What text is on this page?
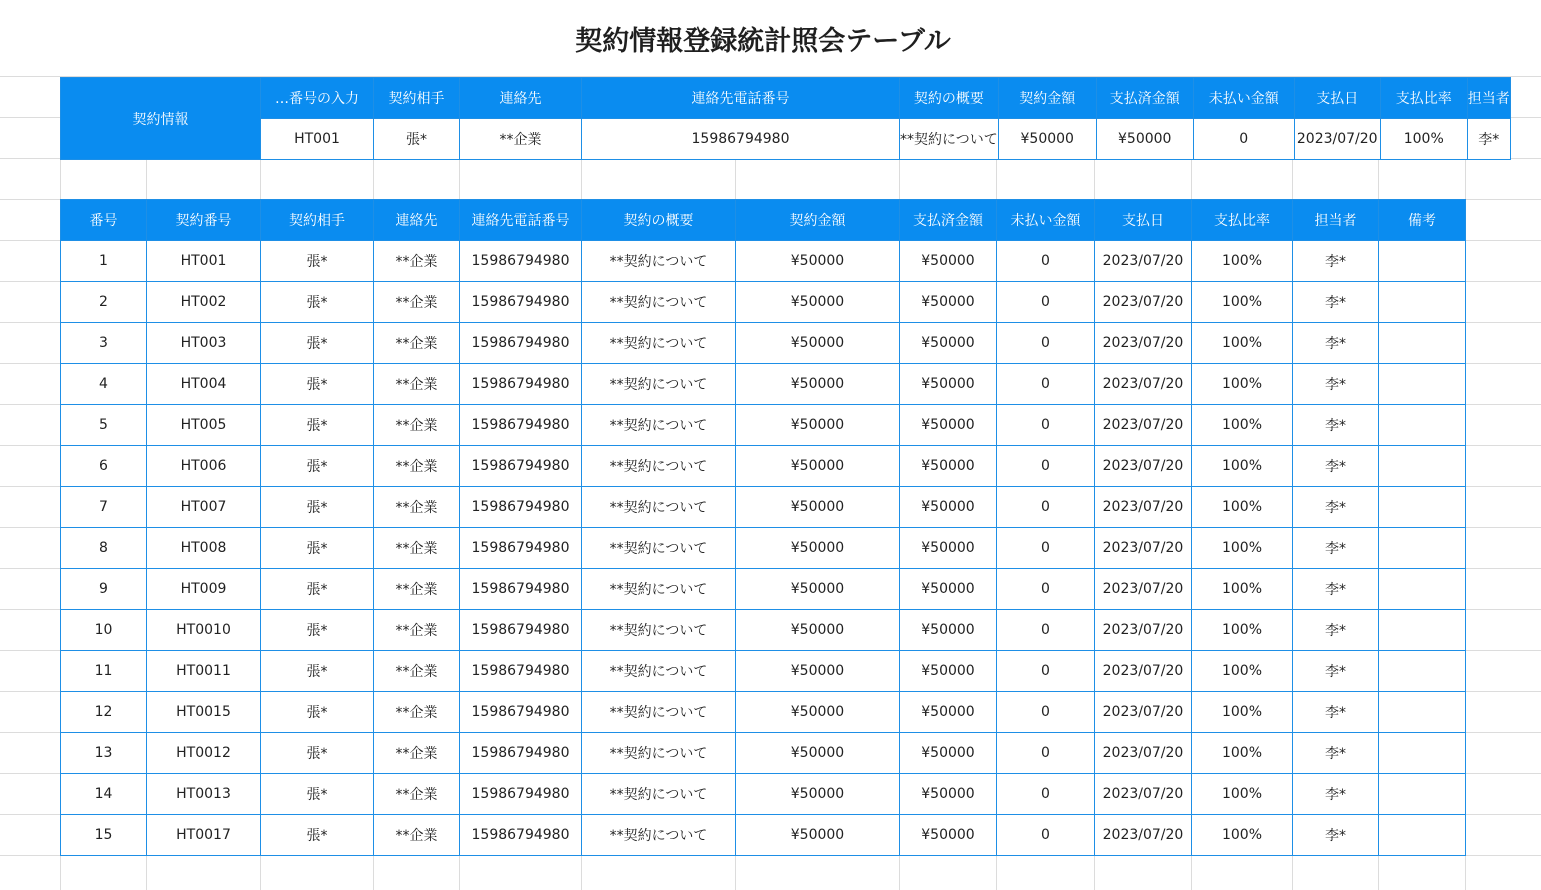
契約情報登録統計照会テーブル
契約情報	…番号の入力	契約相手	連絡先	連絡先電話番号	契約の概要	契約金額	支払済金額	未払い金額	支払日	支払比率	担当者
	HT001	張*	**企業	15986794980	**契約について	¥50000	¥50000	0	2023/07/20	100%	李*
番号	契約番号	契約相手	連絡先	連絡先電話番号	契約の概要	契約金額	支払済金額	未払い金額	支払日	支払比率	担当者	備考
1	HT001	張*	**企業	15986794980	**契約について	¥50000	¥50000	0	2023/07/20	100%	李*	
2	HT002	張*	**企業	15986794980	**契約について	¥50000	¥50000	0	2023/07/20	100%	李*	
3	HT003	張*	**企業	15986794980	**契約について	¥50000	¥50000	0	2023/07/20	100%	李*	
4	HT004	張*	**企業	15986794980	**契約について	¥50000	¥50000	0	2023/07/20	100%	李*	
5	HT005	張*	**企業	15986794980	**契約について	¥50000	¥50000	0	2023/07/20	100%	李*	
6	HT006	張*	**企業	15986794980	**契約について	¥50000	¥50000	0	2023/07/20	100%	李*	
7	HT007	張*	**企業	15986794980	**契約について	¥50000	¥50000	0	2023/07/20	100%	李*	
8	HT008	張*	**企業	15986794980	**契約について	¥50000	¥50000	0	2023/07/20	100%	李*	
9	HT009	張*	**企業	15986794980	**契約について	¥50000	¥50000	0	2023/07/20	100%	李*	
10	HT0010	張*	**企業	15986794980	**契約について	¥50000	¥50000	0	2023/07/20	100%	李*	
11	HT0011	張*	**企業	15986794980	**契約について	¥50000	¥50000	0	2023/07/20	100%	李*	
12	HT0015	張*	**企業	15986794980	**契約について	¥50000	¥50000	0	2023/07/20	100%	李*	
13	HT0012	張*	**企業	15986794980	**契約について	¥50000	¥50000	0	2023/07/20	100%	李*	
14	HT0013	張*	**企業	15986794980	**契約について	¥50000	¥50000	0	2023/07/20	100%	李*	
15	HT0017	張*	**企業	15986794980	**契約について	¥50000	¥50000	0	2023/07/20	100%	李*	
